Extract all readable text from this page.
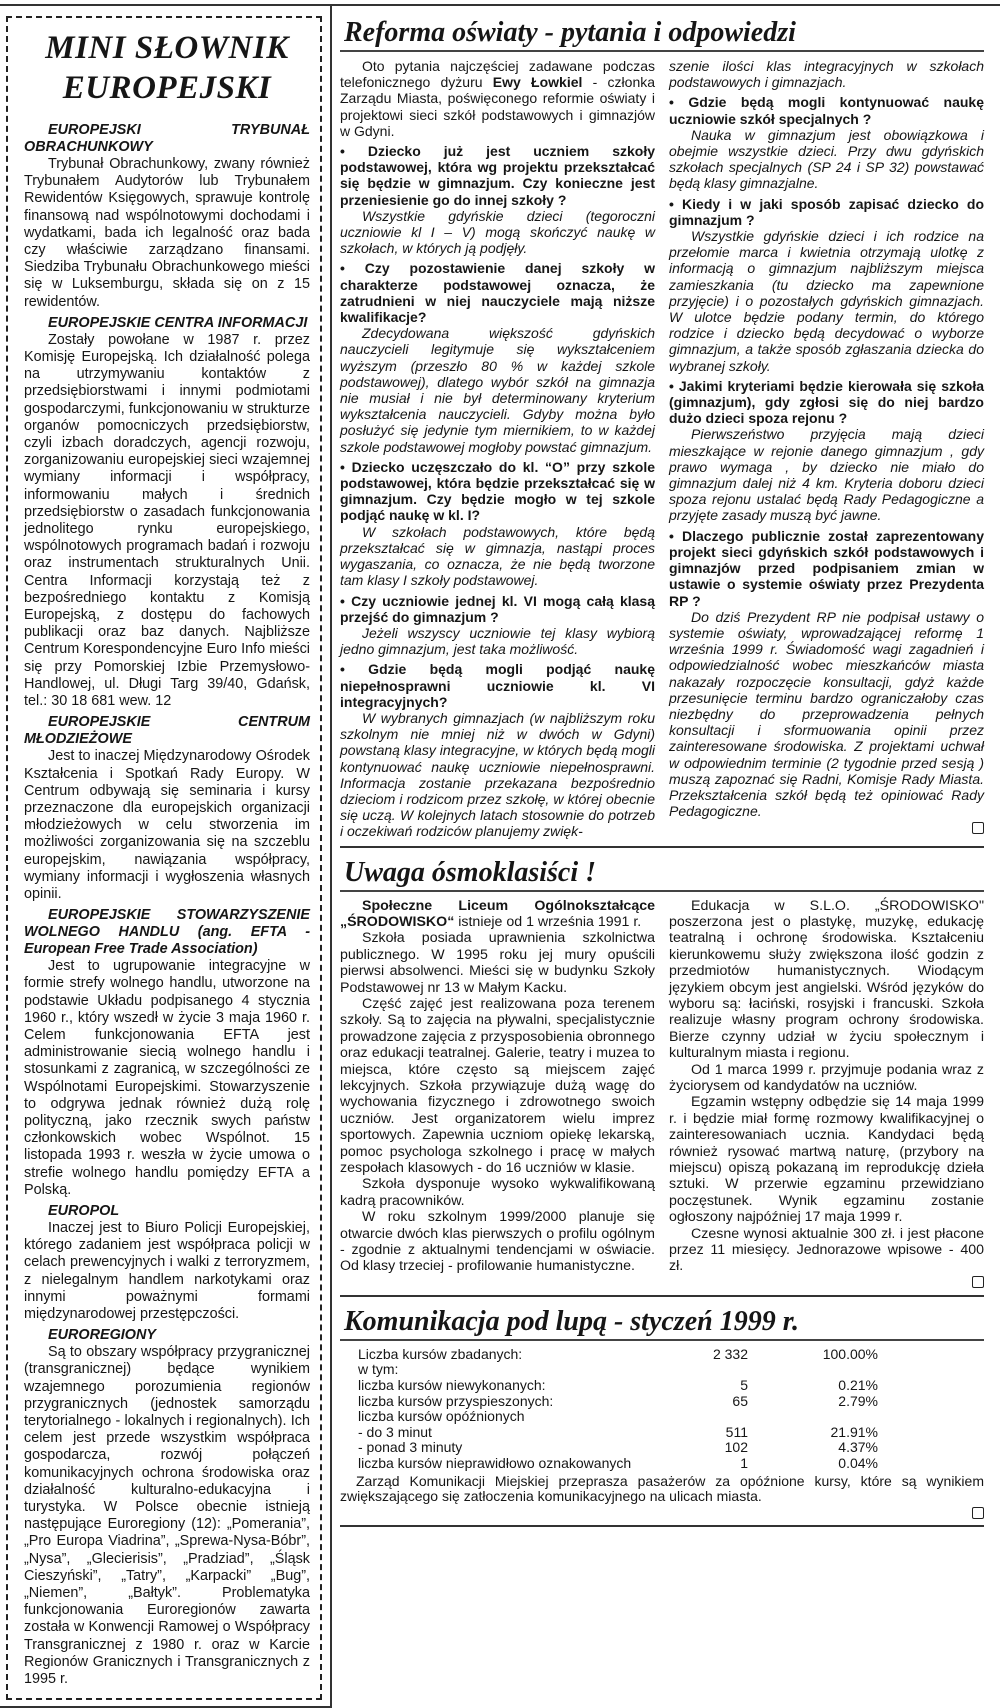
MINI SŁOWNIK
EUROPEJSKI
EUROPEJSKI TRYBUNAŁ OBRACHUNKOWY

Trybunał Obrachunkowy, zwany również Trybunałem Audytorów lub Trybunałem Rewidentów Księgowych, sprawuje kontrolę finansową nad wspólnotowymi dochodami i wydatkami, bada ich legalność oraz bada czy właściwie zarządzano finansami. Siedziba Trybunału Obrachunkowego mieści się w Luksemburgu, składa się on z 15 rewidentów.

EUROPEJSKIE CENTRA INFORMACJI

Zostały powołane w 1987 r. przez Komisję Europejską. Ich działalność polega na utrzymywaniu kontaktów z przedsiębiorstwami i innymi podmiotami gospodarczymi, funkcjonowaniu w strukturze organów pomocniczych przedsiębiorstw, czyli izbach doradczych, agencji rozwoju, zorganizowaniu europejskiej sieci wzajemnej wymiany informacji i współpracy, informowaniu małych i średnich przedsiębiorstw o zasadach funkcjonowania jednolitego rynku europejskiego, wspólnotowych programach badań i rozwoju oraz instrumentach strukturalnych Unii. Centra Informacji korzystają też z bezpośredniego kontaktu z Komisją Europejską, z dostępu do fachowych publikacji oraz baz danych. Najbliższe Centrum Korespondencyjne Euro Info mieści się przy Pomorskiej Izbie Przemysłowo-Handlowej, ul. Długi Targ 39/40, Gdańsk, tel.: 30 18 681 wew. 12

EUROPEJSKIE CENTRUM MŁODZIEŻOWE

Jest to inaczej Międzynarodowy Ośrodek Kształcenia i Spotkań Rady Europy. W Centrum odbywają się seminaria i kursy przeznaczone dla europejskich organizacji młodzieżowych w celu stworzenia im możliwości zorganizowania się na szczeblu europejskim, nawiązania współpracy, wymiany informacji i wygłoszenia własnych opinii.

EUROPEJSKIE STOWARZYSZENIE WOLNEGO HANDLU (ang. EFTA - European Free Trade Association)

Jest to ugrupowanie integracyjne w formie strefy wolnego handlu, utworzone na podstawie Układu podpisanego 4 stycznia 1960 r., który wszedł w życie 3 maja 1960 r. Celem funkcjonowania EFTA jest administrowanie siecią wolnego handlu i stosunkami z zagranicą, w szczególności ze Wspólnotami Europejskimi. Stowarzyszenie to odgrywa jednak również dużą rolę polityczną, jako rzecznik swych państw członkowskich wobec Wspólnot. 15 listopada 1993 r. weszła w życie umowa o strefie wolnego handlu pomiędzy EFTA a Polską.

EUROPOL

Inaczej jest to Biuro Policji Europejskiej, którego zadaniem jest współpraca policji w celach prewencyjnych i walki z terroryzmem, z nielegalnym handlem narkotykami oraz innymi poważnymi formami międzynarodowej przestępczości.

EUROREGIONY

Są to obszary współpracy przygranicznej (transgranicznej) będące wynikiem wzajemnego porozumienia regionów przygranicznych (jednostek samorządu terytorialnego - lokalnych i regionalnych). Ich celem jest przede wszystkim współpraca gospodarcza, rozwój połączeń komunikacyjnych ochrona środowiska oraz działalność kulturalno-edukacyjna i turystyka. W Polsce obecnie istnieją następujące Euroregiony (12): „Pomerania”, „Pro Europa Viadrina”, „Sprewa-Nysa-Bóbr”, „Nysa”, „Glecierisis”, „Pradziad”, „Śląsk Cieszyński”, „Tatry”, „Karpacki” „Bug”, „Niemen”, „Bałtyk”. Problematyka funkcjonowania Euroregionów zawarta została w Konwencji Ramowej o Współpracy Transgranicznej z 1980 r. oraz w Karcie Regionów Granicznych i Transgranicznych z 1995 r.

Reforma oświaty - pytania i odpowiedzi

Oto pytania najczęściej zadawane podczas telefonicznego dyżuru Ewy Łowkiel - członka Zarządu Miasta, poświęconego reformie oświaty i projektowi sieci szkół podstawowych i gimnazjów w Gdyni.

• Dziecko już jest uczniem szkoły podstawowej, która wg projektu przekształcać się będzie w gimnazjum. Czy konieczne jest przeniesienie go do innej szkoły ?

Wszystkie gdyńskie dzieci (tegoroczni uczniowie kl I – V) mogą skończyć naukę w szkołach, w których ją podjęły.

• Czy pozostawienie danej szkoły w charakterze podstawowej oznacza, że zatrudnieni w niej nauczyciele mają niższe kwalifikacje?

Zdecydowana większość gdyńskich nauczycieli legitymuje się wykształceniem wyższym (przeszło 80 % w każdej szkole podstawowej), dlatego wybór szkół na gimnazja nie musiał i nie był determinowany kryterium wykształcenia nauczycieli. Gdyby można było posłużyć się jedynie tym miernikiem, to w każdej szkole podstawowej mogłoby powstać gimnazjum.

• Dziecko uczęszczało do kl. “O” przy szkole podstawowej, która będzie przekształcać się w gimnazjum. Czy będzie mogło w tej szkole podjąć naukę w kl. I?

W szkołach podstawowych, które będą przekształcać się w gimnazja, nastąpi proces wygaszania, co oznacza, że nie będą tworzone tam klasy I szkoły podstawowej.

• Czy uczniowie jednej kl. VI mogą całą klasą przejść do gimnazjum ?

Jeżeli wszyscy uczniowie tej klasy wybiorą jedno gimnazjum, jest taka możliwość.

• Gdzie będą mogli podjąć naukę niepełnosprawni uczniowie kl. VI integracyjnych?

W wybranych gimnazjach (w najbliższym roku szkolnym nie mniej niż w dwóch w Gdyni) powstaną klasy integracyjne, w których będą mogli kontynuować naukę uczniowie niepełnosprawni. Informacja zostanie przekazana bezpośrednio dzieciom i rodzicom przez szkołę, w której obecnie się uczą. W kolejnych latach stosownie do potrzeb i oczekiwań rodziców planujemy zwięk-

szenie ilości klas integracyjnych w szkołach podstawowych i gimnazjach.

• Gdzie będą mogli kontynuować naukę uczniowie szkół specjalnych ?

Nauka w gimnazjum jest obowiązkowa i obejmie wszystkie dzieci. Przy dwu gdyńskich szkołach specjalnych (SP 24 i SP 32) powstawać będą klasy gimnazjalne.

• Kiedy i w jaki sposób zapisać dziecko do gimnazjum ?

Wszystkie gdyńskie dzieci i ich rodzice na przełomie marca i kwietnia otrzymają ulotkę z informacją o gimnazjum najbliższym miejsca zamieszkania (tu dziecko ma zapewnione przyjęcie) i o pozostałych gdyńskich gimnazjach. W ulotce będzie podany termin, do którego rodzice i dziecko będą decydować o wyborze gimnazjum, a także sposób zgłaszania dziecka do wybranej szkoły.

• Jakimi kryteriami będzie kierowała się szkoła (gimnazjum), gdy zgłosi się do niej bardzo dużo dzieci spoza rejonu ?

Pierwszeństwo przyjęcia mają dzieci mieszkające w rejonie danego gimnazjum , gdy prawo wymaga , by dziecko nie miało do gimnazjum dalej niż 4 km. Kryteria doboru dzieci spoza rejonu ustalać będą Rady Pedagogiczne a przyjęte zasady muszą być jawne.

• Dlaczego publicznie został zaprezentowany projekt sieci gdyńskich szkół podstawowych i gimnazjów przed podpisaniem zmian w ustawie o systemie oświaty przez Prezydenta RP ?

Do dziś Prezydent RP nie podpisał ustawy o systemie oświaty, wprowadzającej reformę 1 września 1999 r. Świadomość wagi zagadnień i odpowiedzialność wobec mieszkańców miasta nakazały rozpoczęcie konsultacji, gdyż każde przesunięcie terminu bardzo ograniczałoby czas niezbędny do przeprowadzenia pełnych konsultacji i sformuowania opinii przez zainteresowane środowiska. Z projektami uchwał w odpowiednim terminie (2 tygodnie przed sesją ) muszą zapoznać się Radni, Komisje Rady Miasta. Przekształcenia szkół będą też opiniować Rady Pedagogiczne.

Uwaga ósmoklasiści !

Społeczne Liceum Ogólnokształcące „ŚRODOWISKO“ istnieje od 1 września 1991 r.

Szkoła posiada uprawnienia szkolnictwa publicznego. W 1995 roku jej mury opuścili pierwsi absolwenci. Mieści się w budynku Szkoły Podstawowej nr 13 w Małym Kacku.

Część zajęć jest realizowana poza terenem szkoły. Są to zajęcia na pływalni, specjalistycznie prowadzone zajęcia z przysposobienia obronnego oraz edukacji teatralnej. Galerie, teatry i muzea to miejsca, które często są miejscem zajęć lekcyjnych. Szkoła przywiązuje dużą wagę do wychowania fizycznego i zdrowotnego swoich uczniów. Jest organizatorem wielu imprez sportowych. Zapewnia uczniom opiekę lekarską, pomoc psychologa szkolnego i pracę w małych zespołach klasowych - do 16 uczniów w klasie.

Szkoła dysponuje wysoko wykwalifikowaną kadrą pracowników.

W roku szkolnym 1999/2000 planuje się otwarcie dwóch klas pierwszych o profilu ogólnym - zgodnie z aktualnymi tendencjami w oświacie. Od klasy trzeciej - profilowanie humanistyczne.

Edukacja w S.L.O. „ŚRODOWISKO" poszerzona jest o plastykę, muzykę, edukację teatralną i ochronę środowiska. Kształceniu kierunkowemu służy zwiększona ilość godzin z przedmiotów humanistycznych. Wiodącym językiem obcym jest angielski. Wśród języków do wyboru są: łaciński, rosyjski i francuski. Szkoła realizuje własny program ochrony środowiska. Bierze czynny udział w życiu społecznym i kulturalnym miasta i regionu.

Od 1 marca 1999 r. przyjmuje podania wraz z życiorysem od kandydatów na uczniów.

Egzamin wstępny odbędzie się 14 maja 1999 r. i będzie miał formę rozmowy kwalifikacyjnej o zainteresowaniach ucznia. Kandydaci będą również rysować martwą naturę, (przybory na miejscu) opiszą pokazaną im reprodukcję dzieła sztuki. W przerwie egzaminu przewidziano poczęstunek. Wynik egzaminu zostanie ogłoszony najpóźniej 17 maja 1999 r.

Czesne wynosi aktualnie 300 zł. i jest płacone przez 11 miesięcy. Jednorazowe wpisowe - 400 zł.

Komunikacja pod lupą - styczeń 1999 r.
Liczba kursów zbadanych:	2 332	100.00%
w tym:		
liczba kursów niewykonanych:	5	0.21%
liczba kursów przyspieszonych:	65	2.79%
liczba kursów opóźnionych		
- do 3 minut	511	21.91%
- ponad 3 minuty	102	4.37%
liczba kursów nieprawidłowo oznakowanych	1	0.04%
Zarząd Komunikacji Miejskiej przeprasza pasażerów za opóźnione kursy, które są wynikiem zwiększającego się zatłoczenia komunikacyjnego na ulicach miasta.
